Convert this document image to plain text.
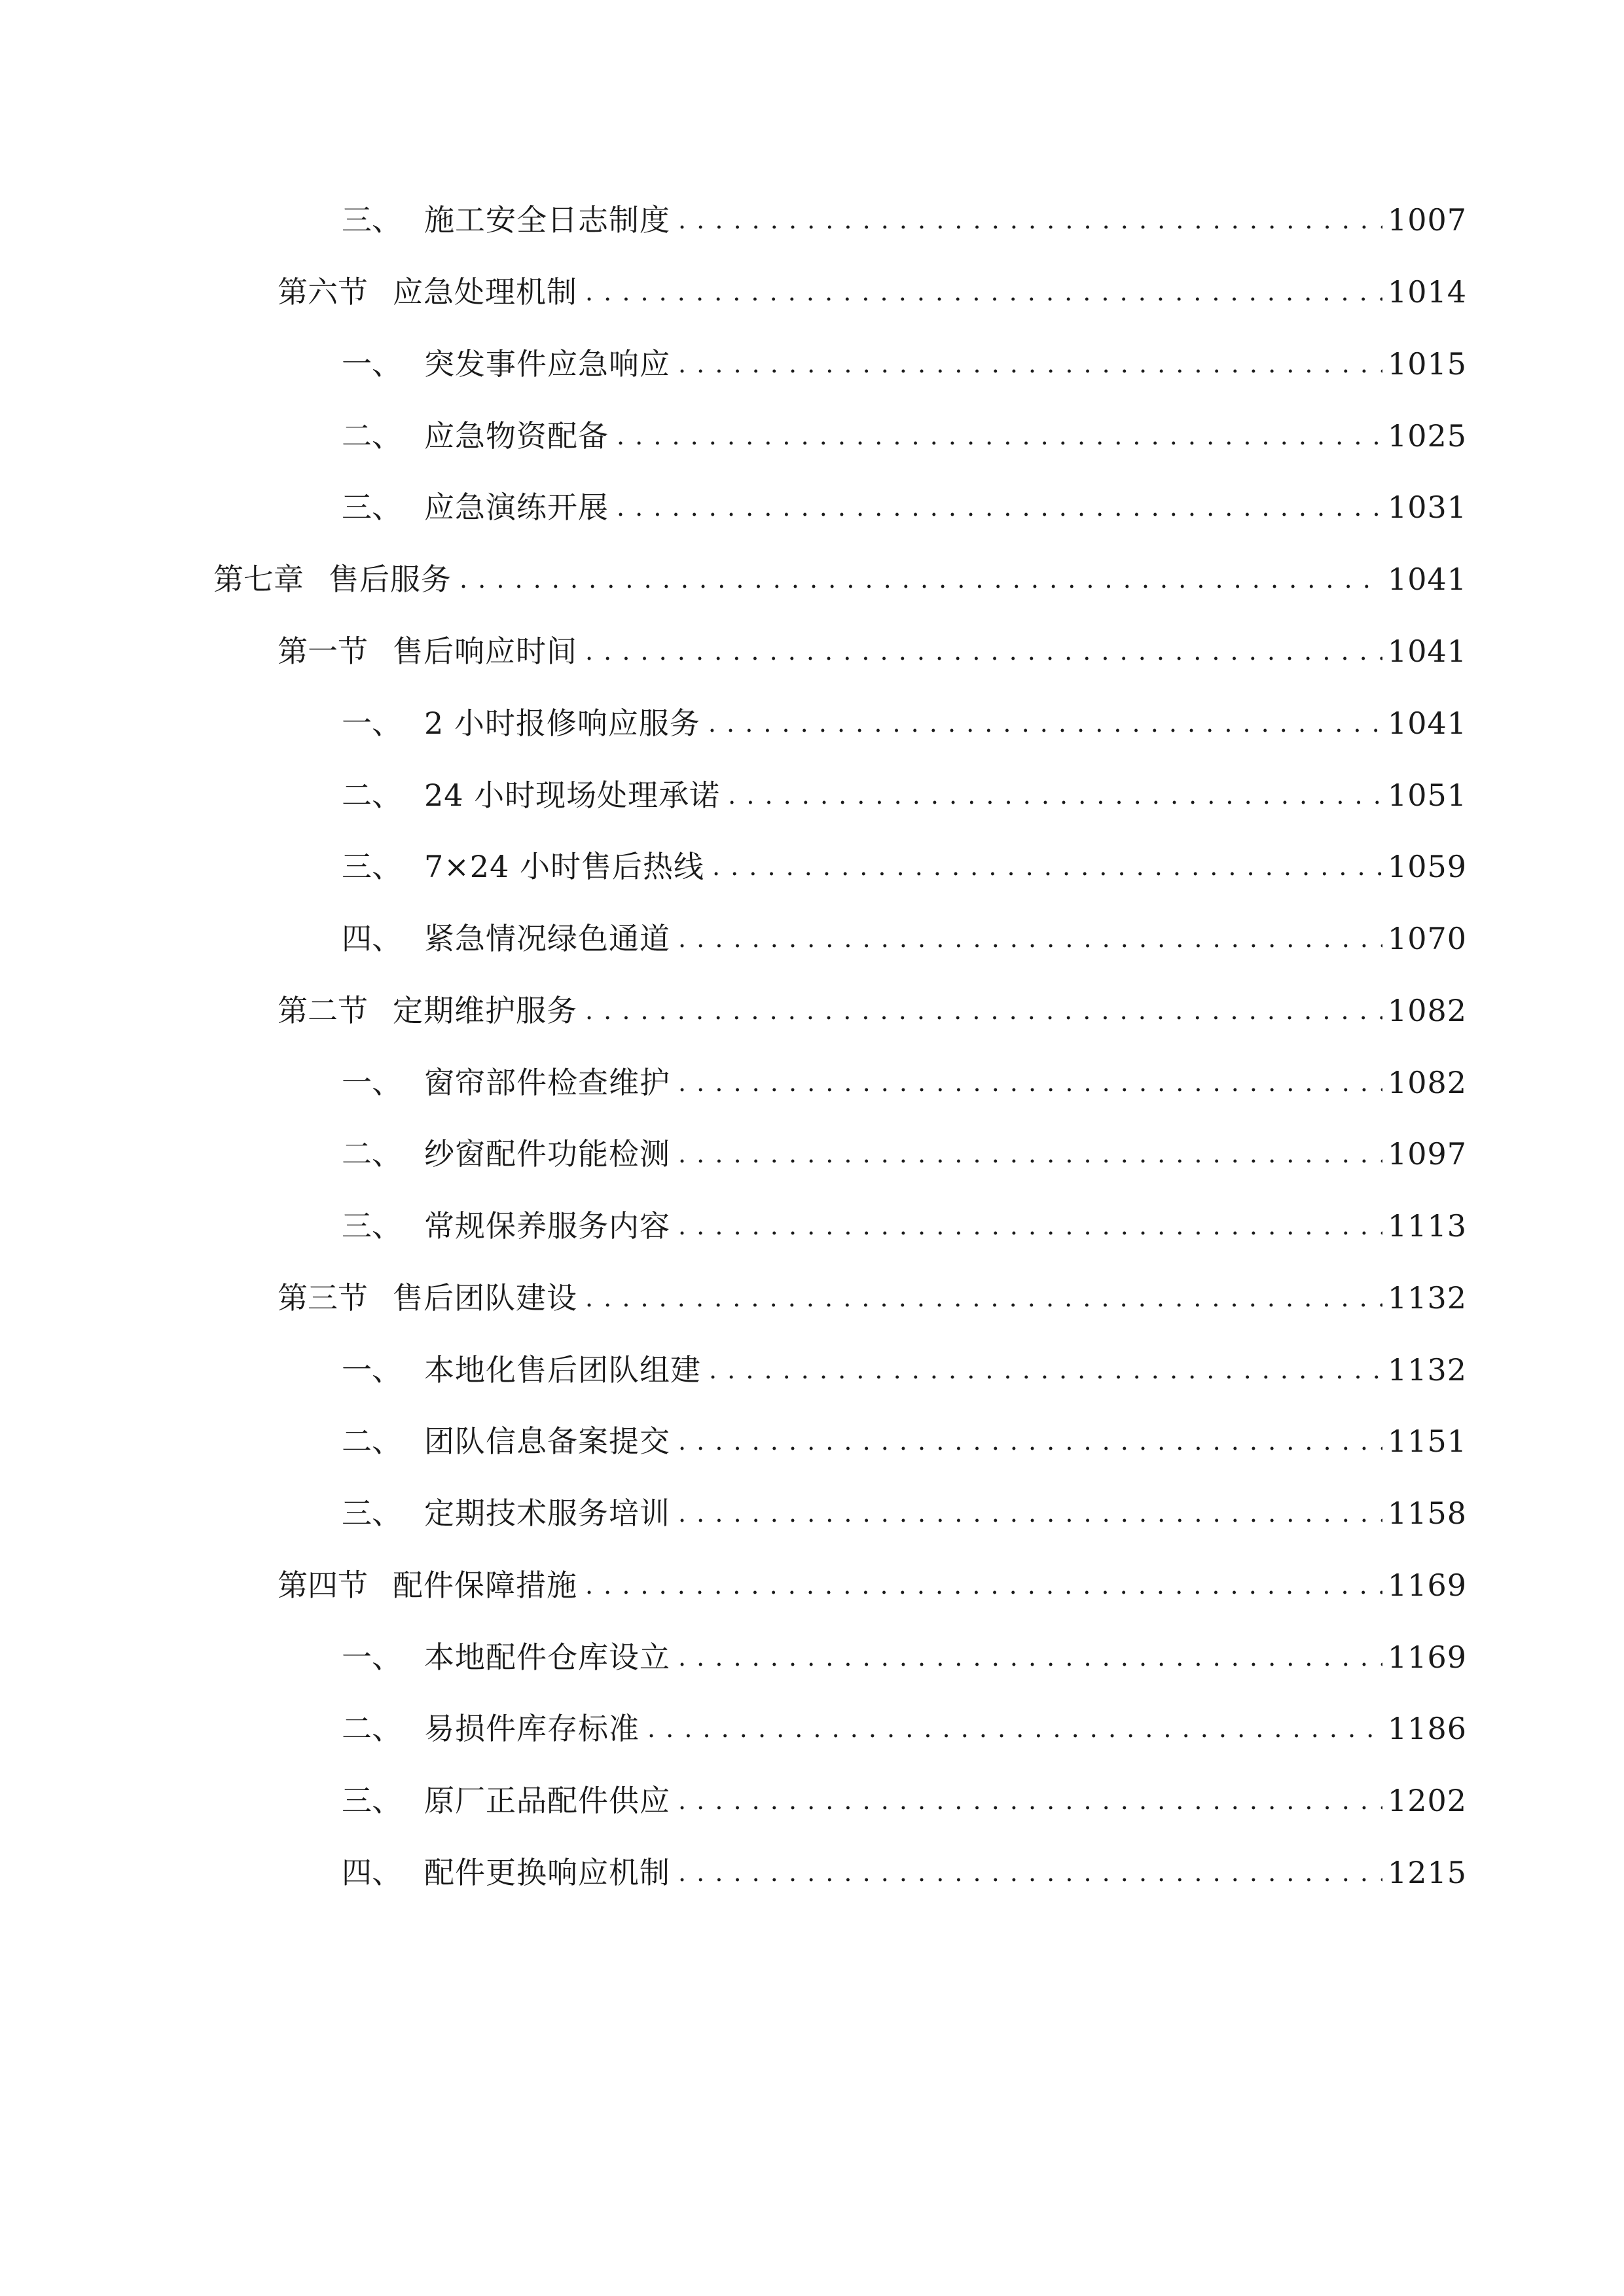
三、 施工安全日志制度 . . .	1007
第六节 应急处理机制 . . .	1014
一、 突发事件应急响应 . . .	1015
二、 应急物资配备 . . .	1025
三、 应急演练开展 . . .	1031
第七章 售后服务 . . .	1041
第一节 售后响应时间 . . .	1041
一、 2 小时报修响应服务 . . .	1041
二、 24 小时现场处理承诺 . . .	1051
三、 7×24 小时售后热线 . . .	1059
四、 紧急情况绿色通道 . . .	1070
第二节 定期维护服务 . . .	1082
一、 窗帘部件检查维护 . . .	1082
二、 纱窗配件功能检测 . . .	1097
三、 常规保养服务内容 . . .	1113
第三节 售后团队建设 . . .	1132
一、 本地化售后团队组建 . . .	1132
二、 团队信息备案提交 . . .	1151
三、 定期技术服务培训 . . .	1158
第四节 配件保障措施 . . .	1169
一、 本地配件仓库设立 . . .	1169
二、 易损件库存标准 . . .	1186
三、 原厂正品配件供应 . . .	1202
四、 配件更换响应机制 . . .	1215
